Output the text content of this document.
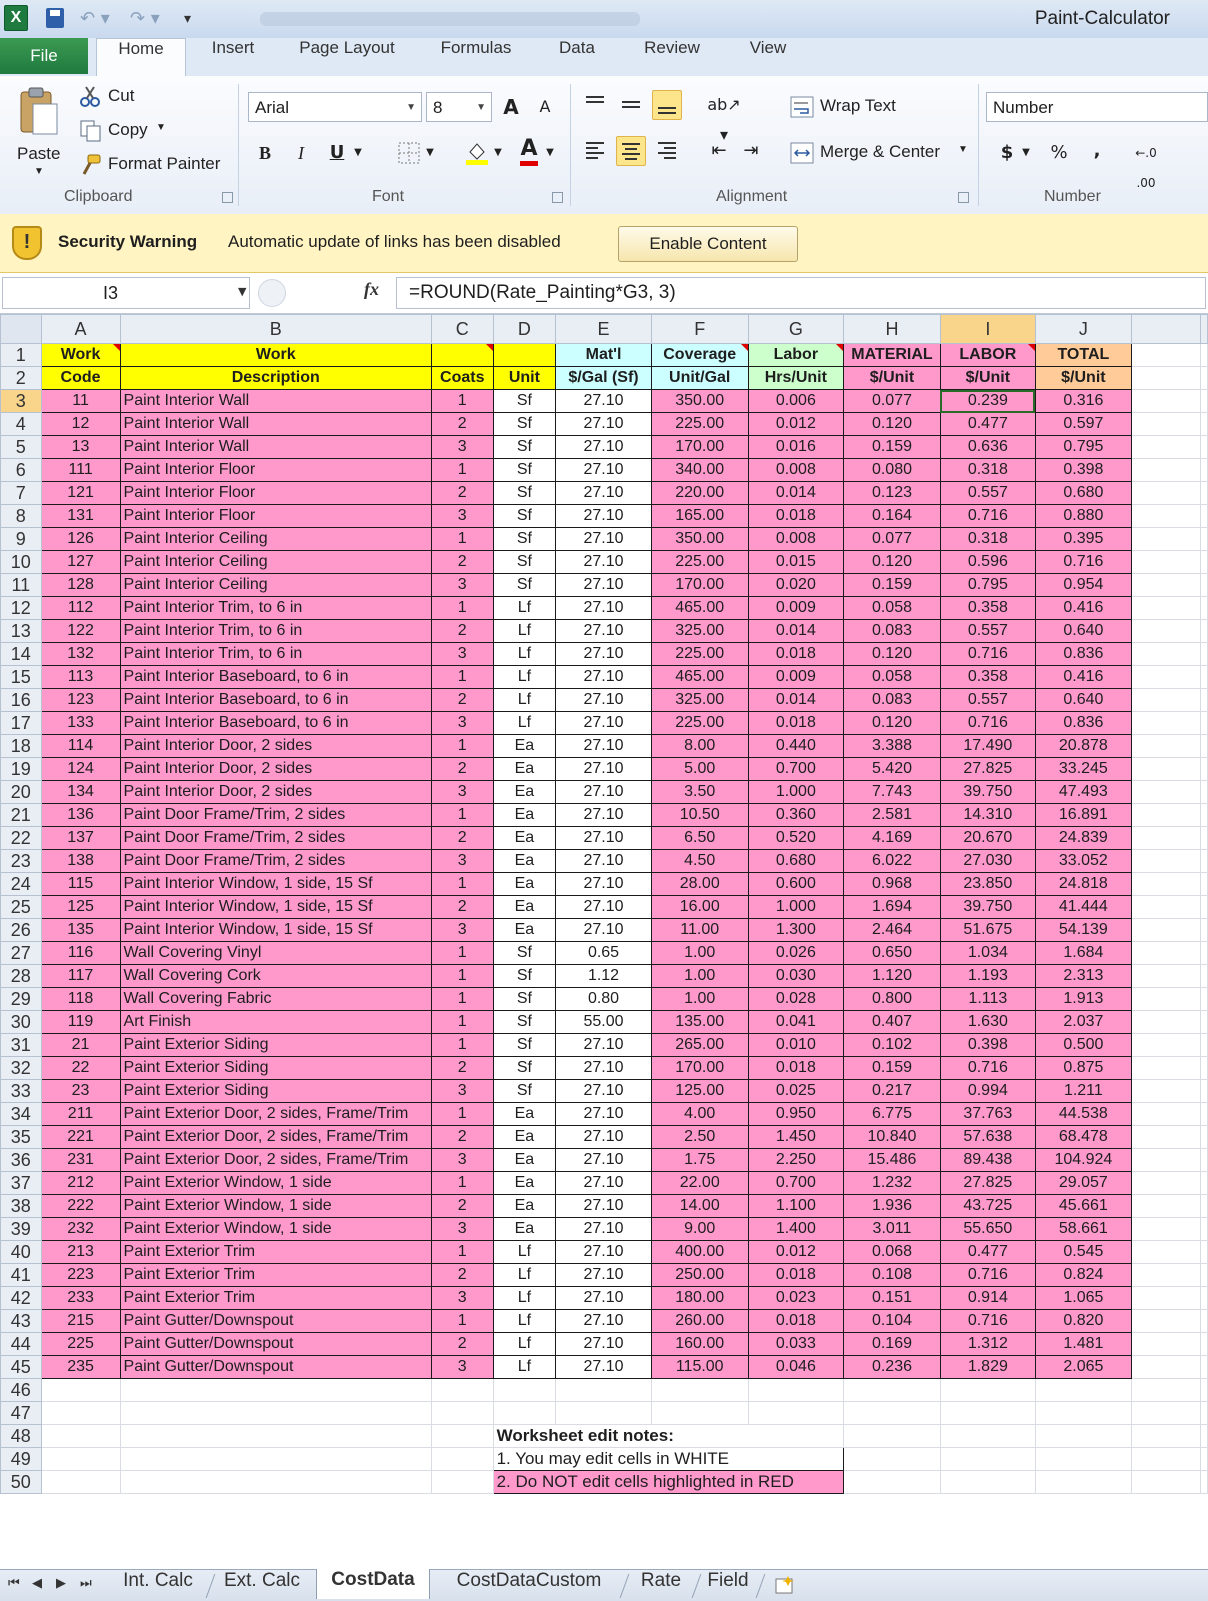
X	↶ ▾	↷ ▾	▾	Paint-Calculator
File	Home	Insert	Page Layout	Formulas	Data	Review	View
Paste
▼
Cut
Copy ▼
Format Painter
Clipboard
Arial	▼	8	▼ A	A
B	I	U ▼	▼	▼ A ▼
Font
ab↗ ▾
⇤ ⇥
Wrap Text
Merge & Center ▼
Alignment
Number
$ ▼	%	,	←.0 .00
Number
!	Security Warning Automatic update of links has been disabled	Enable Content
I3	▼	fx	=ROUND(Rate_Painting*G3, 3)
	A	B	C	D	E	F	G	H	I	J		
1	Work	Work			Mat'l	Coverage	Labor	MATERIAL	LABOR	TOTAL		
2	Code	Description	Coats	Unit	$/Gal (Sf)	Unit/Gal	Hrs/Unit	$/Unit	$/Unit	$/Unit		
3	11	Paint Interior Wall	1	Sf	27.10	350.00	0.006	0.077	0.239	0.316		
4	12	Paint Interior Wall	2	Sf	27.10	225.00	0.012	0.120	0.477	0.597		
5	13	Paint Interior Wall	3	Sf	27.10	170.00	0.016	0.159	0.636	0.795		
6	111	Paint Interior Floor	1	Sf	27.10	340.00	0.008	0.080	0.318	0.398		
7	121	Paint Interior Floor	2	Sf	27.10	220.00	0.014	0.123	0.557	0.680		
8	131	Paint Interior Floor	3	Sf	27.10	165.00	0.018	0.164	0.716	0.880		
9	126	Paint Interior Ceiling	1	Sf	27.10	350.00	0.008	0.077	0.318	0.395		
10	127	Paint Interior Ceiling	2	Sf	27.10	225.00	0.015	0.120	0.596	0.716		
11	128	Paint Interior Ceiling	3	Sf	27.10	170.00	0.020	0.159	0.795	0.954		
12	112	Paint Interior Trim, to 6 in	1	Lf	27.10	465.00	0.009	0.058	0.358	0.416		
13	122	Paint Interior Trim, to 6 in	2	Lf	27.10	325.00	0.014	0.083	0.557	0.640		
14	132	Paint Interior Trim, to 6 in	3	Lf	27.10	225.00	0.018	0.120	0.716	0.836		
15	113	Paint Interior Baseboard, to 6 in	1	Lf	27.10	465.00	0.009	0.058	0.358	0.416		
16	123	Paint Interior Baseboard, to 6 in	2	Lf	27.10	325.00	0.014	0.083	0.557	0.640		
17	133	Paint Interior Baseboard, to 6 in	3	Lf	27.10	225.00	0.018	0.120	0.716	0.836		
18	114	Paint Interior Door, 2 sides	1	Ea	27.10	8.00	0.440	3.388	17.490	20.878		
19	124	Paint Interior Door, 2 sides	2	Ea	27.10	5.00	0.700	5.420	27.825	33.245		
20	134	Paint Interior Door, 2 sides	3	Ea	27.10	3.50	1.000	7.743	39.750	47.493		
21	136	Paint Door Frame/Trim, 2 sides	1	Ea	27.10	10.50	0.360	2.581	14.310	16.891		
22	137	Paint Door Frame/Trim, 2 sides	2	Ea	27.10	6.50	0.520	4.169	20.670	24.839		
23	138	Paint Door Frame/Trim, 2 sides	3	Ea	27.10	4.50	0.680	6.022	27.030	33.052		
24	115	Paint Interior Window, 1 side, 15 Sf	1	Ea	27.10	28.00	0.600	0.968	23.850	24.818		
25	125	Paint Interior Window, 1 side, 15 Sf	2	Ea	27.10	16.00	1.000	1.694	39.750	41.444		
26	135	Paint Interior Window, 1 side, 15 Sf	3	Ea	27.10	11.00	1.300	2.464	51.675	54.139		
27	116	Wall Covering Vinyl	1	Sf	0.65	1.00	0.026	0.650	1.034	1.684		
28	117	Wall Covering Cork	1	Sf	1.12	1.00	0.030	1.120	1.193	2.313		
29	118	Wall Covering Fabric	1	Sf	0.80	1.00	0.028	0.800	1.113	1.913		
30	119	Art Finish	1	Sf	55.00	135.00	0.041	0.407	1.630	2.037		
31	21	Paint Exterior Siding	1	Sf	27.10	265.00	0.010	0.102	0.398	0.500		
32	22	Paint Exterior Siding	2	Sf	27.10	170.00	0.018	0.159	0.716	0.875		
33	23	Paint Exterior Siding	3	Sf	27.10	125.00	0.025	0.217	0.994	1.211		
34	211	Paint Exterior Door, 2 sides, Frame/Trim	1	Ea	27.10	4.00	0.950	6.775	37.763	44.538		
35	221	Paint Exterior Door, 2 sides, Frame/Trim	2	Ea	27.10	2.50	1.450	10.840	57.638	68.478		
36	231	Paint Exterior Door, 2 sides, Frame/Trim	3	Ea	27.10	1.75	2.250	15.486	89.438	104.924		
37	212	Paint Exterior Window, 1 side	1	Ea	27.10	22.00	0.700	1.232	27.825	29.057		
38	222	Paint Exterior Window, 1 side	2	Ea	27.10	14.00	1.100	1.936	43.725	45.661		
39	232	Paint Exterior Window, 1 side	3	Ea	27.10	9.00	1.400	3.011	55.650	58.661		
40	213	Paint Exterior Trim	1	Lf	27.10	400.00	0.012	0.068	0.477	0.545		
41	223	Paint Exterior Trim	2	Lf	27.10	250.00	0.018	0.108	0.716	0.824		
42	233	Paint Exterior Trim	3	Lf	27.10	180.00	0.023	0.151	0.914	1.065		
43	215	Paint Gutter/Downspout	1	Lf	27.10	260.00	0.018	0.104	0.716	0.820		
44	225	Paint Gutter/Downspout	2	Lf	27.10	160.00	0.033	0.169	1.312	1.481		
45	235	Paint Gutter/Downspout	3	Lf	27.10	115.00	0.046	0.236	1.829	2.065		
46												
47												
48				Worksheet edit notes:								
49				1. You may edit cells in WHITE								
50				2. Do NOT edit cells highlighted in RED								
⏮ ◀ ▶ ⏭	Int. Calc	Ext. Calc	CostData	CostDataCustom	Rate	Field
